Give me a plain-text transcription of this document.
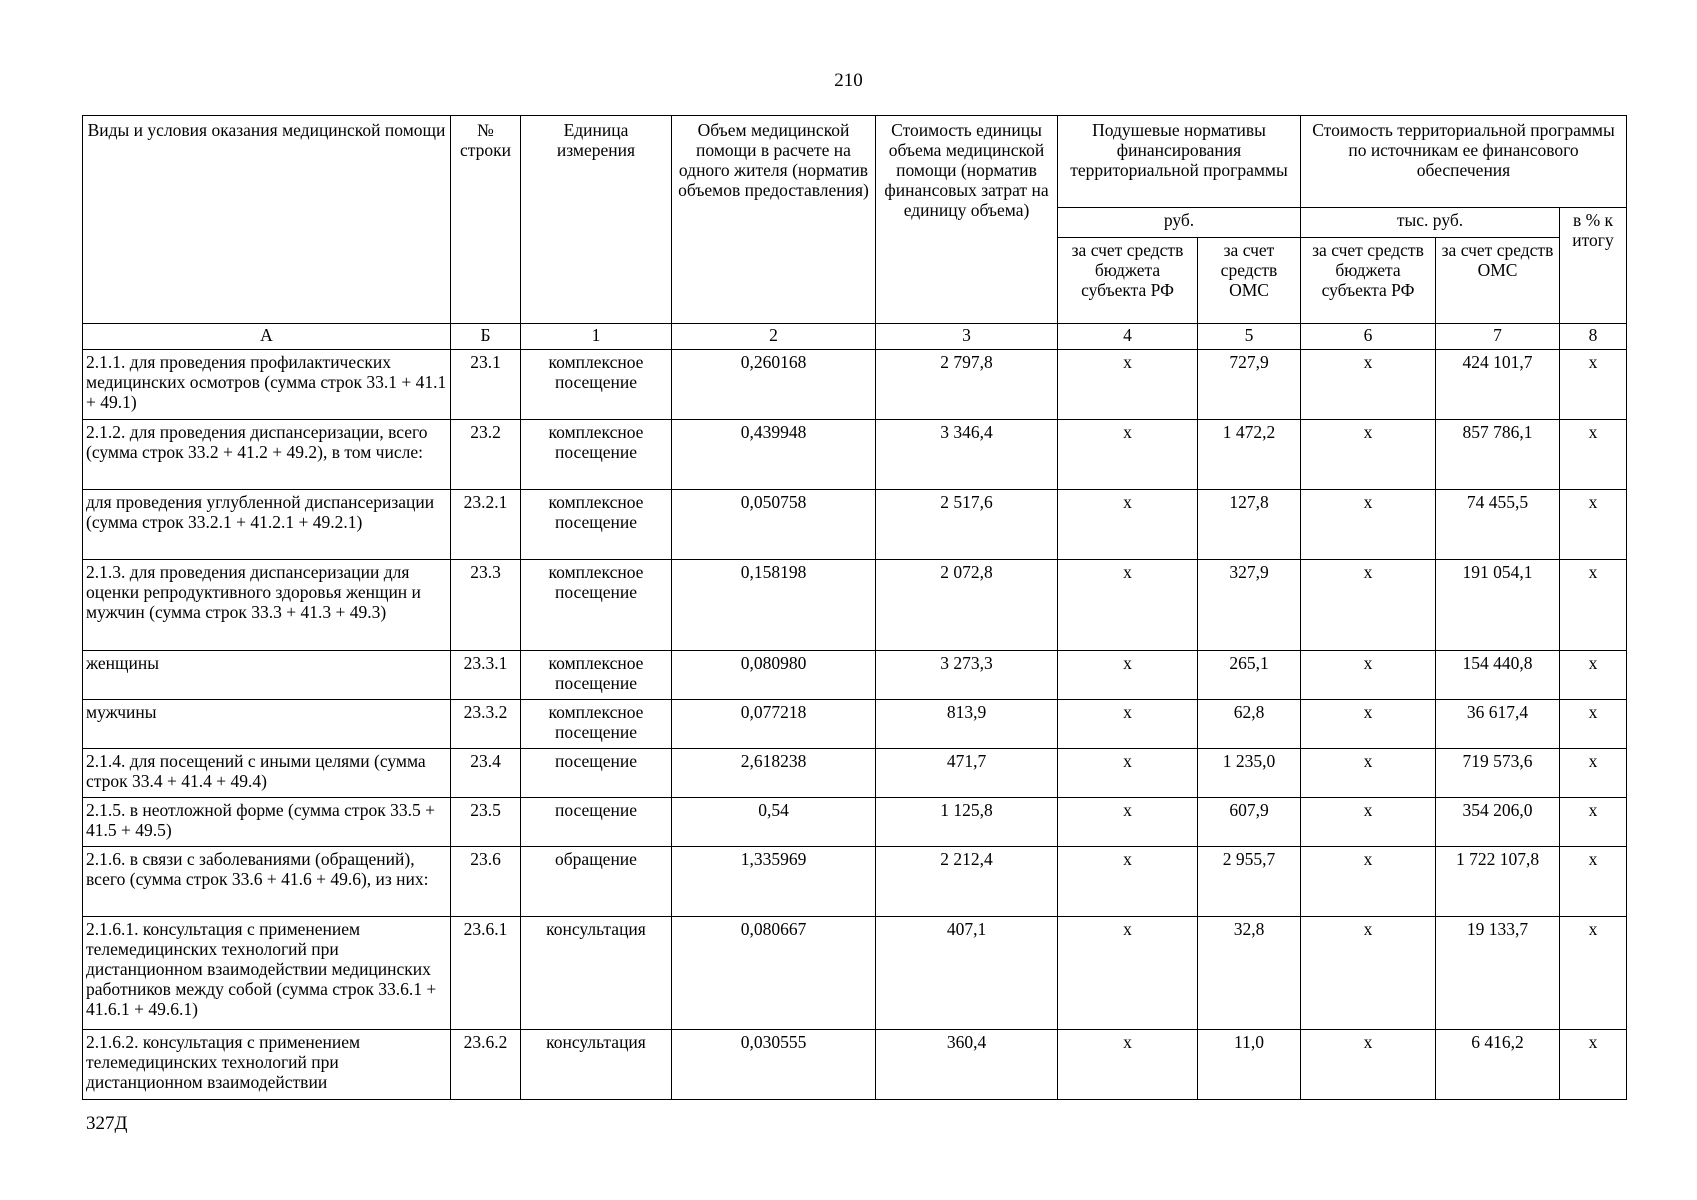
210
Виды и условия оказания медицинской помощи	№ строки	Единица измерения	Объем медицинской помощи в расчете на одного жителя (норматив объемов предоставления)	Стоимость единицы объема медицинской помощи (норматив финансовых затрат на единицу объема)	Подушевые нормативы финансирования территориальной программы		Стоимость территориальной программы по источникам ее финансового обеспечения		
					руб.		тыс. руб.		в % к итогу
					за счет средств бюджета субъекта РФ	за счет средств ОМС	за счет средств бюджета субъекта РФ	за счет средств ОМС	
А	Б	1	2	3	4	5	6	7	8
2.1.1. для проведения профилактических медицинских осмотров (сумма строк 33.1 + 41.1 + 49.1)	23.1	комплексное посещение	0,260168	2 797,8	х	727,9	х	424 101,7	х
2.1.2. для проведения диспансеризации, всего (сумма строк 33.2 + 41.2 + 49.2), в том числе:	23.2	комплексное посещение	0,439948	3 346,4	х	1 472,2	х	857 786,1	х
для проведения углубленной диспансеризации (сумма строк 33.2.1 + 41.2.1 + 49.2.1)	23.2.1	комплексное посещение	0,050758	2 517,6	х	127,8	х	74 455,5	х
2.1.3. для проведения диспансеризации для оценки репродуктивного здоровья женщин и мужчин (сумма строк 33.3 + 41.3 + 49.3)	23.3	комплексное посещение	0,158198	2 072,8	х	327,9	х	191 054,1	х
женщины	23.3.1	комплексное посещение	0,080980	3 273,3	х	265,1	х	154 440,8	х
мужчины	23.3.2	комплексное посещение	0,077218	813,9	х	62,8	х	36 617,4	х
2.1.4. для посещений с иными целями (сумма строк 33.4 + 41.4 + 49.4)	23.4	посещение	2,618238	471,7	х	1 235,0	х	719 573,6	х
2.1.5. в неотложной форме (сумма строк 33.5 + 41.5 + 49.5)	23.5	посещение	0,54	1 125,8	х	607,9	х	354 206,0	х
2.1.6. в связи с заболеваниями (обращений), всего (сумма строк 33.6 + 41.6 + 49.6), из них:	23.6	обращение	1,335969	2 212,4	х	2 955,7	х	1 722 107,8	х
2.1.6.1. консультация с применением телемедицинских технологий при дистанционном взаимодействии медицинских работников между собой (сумма строк 33.6.1 + 41.6.1 + 49.6.1)	23.6.1	консультация	0,080667	407,1	х	32,8	х	19 133,7	х
2.1.6.2. консультация с применением телемедицинских технологий при дистанционном взаимодействии	23.6.2	консультация	0,030555	360,4	х	11,0	х	6 416,2	х
327Д
